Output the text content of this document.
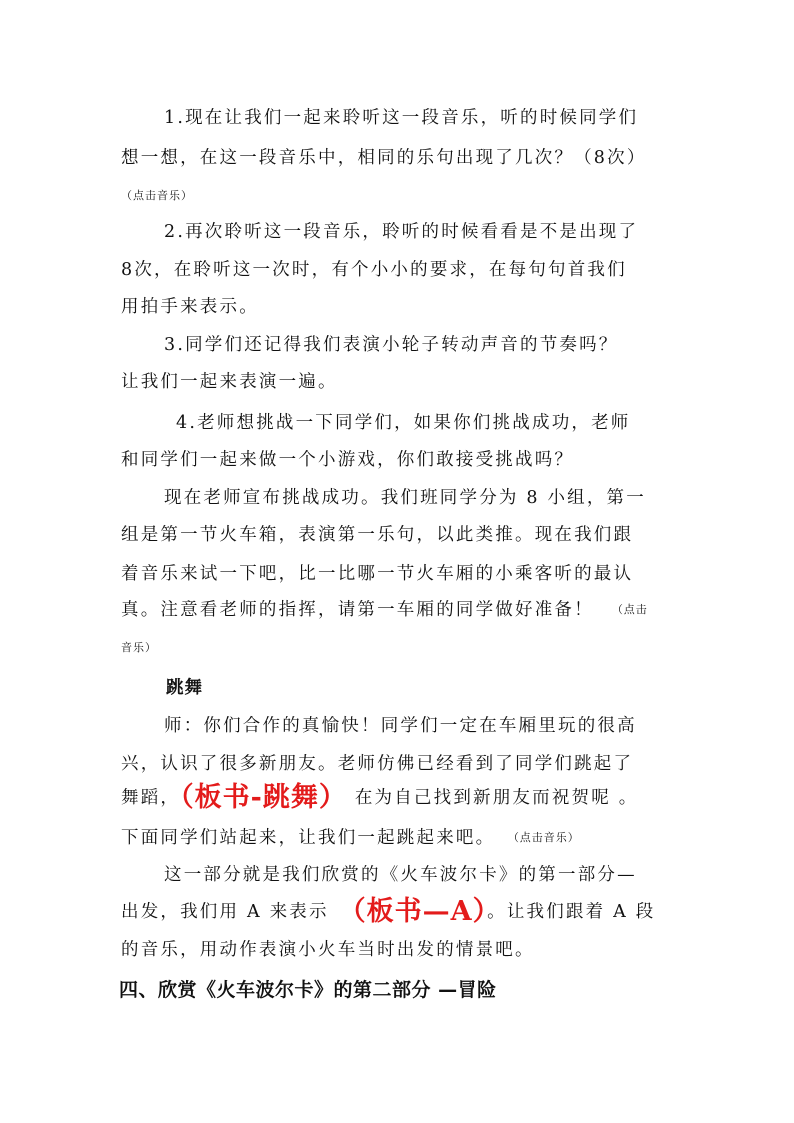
1.现在让我们一起来聆听这一段音乐，听的时候同学们
想一想，在这一段音乐中，相同的乐句出现了几次？（8次）
（点击音乐）
2.再次聆听这一段音乐，聆听的时候看看是不是出现了
8次，在聆听这一次时，有个小小的要求，在每句句首我们
用拍手来表示。
3.同学们还记得我们表演小轮子转动声音的节奏吗？
让我们一起来表演一遍。
4.老师想挑战一下同学们，如果你们挑战成功，老师
和同学们一起来做一个小游戏，你们敢接受挑战吗？
现在老师宣布挑战成功。我们班同学分为 8 小组，第一
组是第一节火车箱，表演第一乐句，以此类推。现在我们跟
着音乐来试一下吧，比一比哪一节火车厢的小乘客听的最认
真。注意看老师的指挥，请第一车厢的同学做好准备！ （点击
音乐）
跳舞
师：你们合作的真愉快！同学们一定在车厢里玩的很高
兴，认识了很多新朋友。老师仿佛已经看到了同学们跳起了
舞蹈，（板书-跳舞） 在为自己找到新朋友而祝贺呢 。
下面同学们站起来，让我们一起跳起来吧。 （点击音乐）
这一部分就是我们欣赏的《火车波尔卡》的第一部分—
出发，我们用 A 来表示 （板书—A）。让我们跟着 A 段
的音乐，用动作表演小火车当时出发的情景吧。
四、欣赏《火车波尔卡》的第二部分 —冒险
